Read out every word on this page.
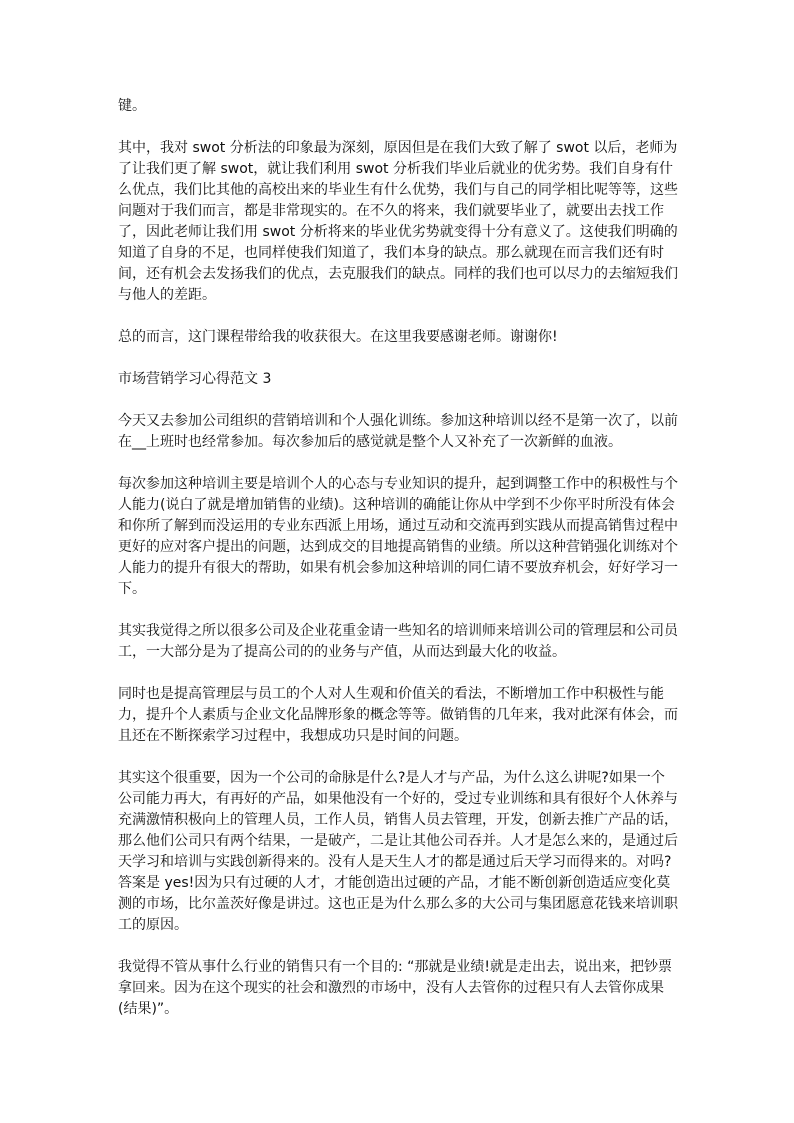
键。

其中，我对 swot 分析法的印象最为深刻，原因但是在我们大致了解了 swot 以后，老师为了让我们更了解 swot，就让我们利用 swot 分析我们毕业后就业的优劣势。我们自身有什么优点，我们比其他的高校出来的毕业生有什么优势，我们与自己的同学相比呢等等，这些问题对于我们而言，都是非常现实的。在不久的将来，我们就要毕业了，就要出去找工作了，因此老师让我们用 swot 分析将来的毕业优劣势就变得十分有意义了。这使我们明确的知道了自身的不足，也同样使我们知道了，我们本身的缺点。那么就现在而言我们还有时间，还有机会去发扬我们的优点，去克服我们的缺点。同样的我们也可以尽力的去缩短我们与他人的差距。

总的而言，这门课程带给我的收获很大。在这里我要感谢老师。谢谢你!

市场营销学习心得范文 3

今天又去参加公司组织的营销培训和个人强化训练。参加这种培训以经不是第一次了，以前在__上班时也经常参加。每次参加后的感觉就是整个人又补充了一次新鲜的血液。

每次参加这种培训主要是培训个人的心态与专业知识的提升，起到调整工作中的积极性与个人能力(说白了就是增加销售的业绩)。这种培训的确能让你从中学到不少你平时所没有体会和你所了解到而没运用的专业东西派上用场，通过互动和交流再到实践从而提高销售过程中更好的应对客户提出的问题，达到成交的目地提高销售的业绩。所以这种营销强化训练对个人能力的提升有很大的帮助，如果有机会参加这种培训的同仁请不要放弃机会，好好学习一下。

其实我觉得之所以很多公司及企业花重金请一些知名的培训师来培训公司的管理层和公司员工，一大部分是为了提高公司的的业务与产值，从而达到最大化的收益。

同时也是提高管理层与员工的个人对人生观和价值关的看法，不断增加工作中积极性与能力，提升个人素质与企业文化品牌形象的概念等等。做销售的几年来，我对此深有体会，而且还在不断探索学习过程中，我想成功只是时间的问题。

其实这个很重要，因为一个公司的命脉是什么?是人才与产品，为什么这么讲呢?如果一个公司能力再大，有再好的产品，如果他没有一个好的，受过专业训练和具有很好个人休养与充满激情积极向上的管理人员，工作人员，销售人员去管理，开发，创新去推广产品的话，那么他们公司只有两个结果，一是破产，二是让其他公司吞并。人才是怎么来的，是通过后天学习和培训与实践创新得来的。没有人是天生人才的都是通过后天学习而得来的。对吗?答案是 yes!因为只有过硬的人才，才能创造出过硬的产品，才能不断创新创造适应变化莫测的市场，比尔盖茨好像是讲过。这也正是为什么那么多的大公司与集团愿意花钱来培训职工的原因。

我觉得不管从事什么行业的销售只有一个目的: “那就是业绩!就是走出去，说出来，把钞票拿回来。因为在这个现实的社会和激烈的市场中，没有人去管你的过程只有人去管你成果(结果)”。
